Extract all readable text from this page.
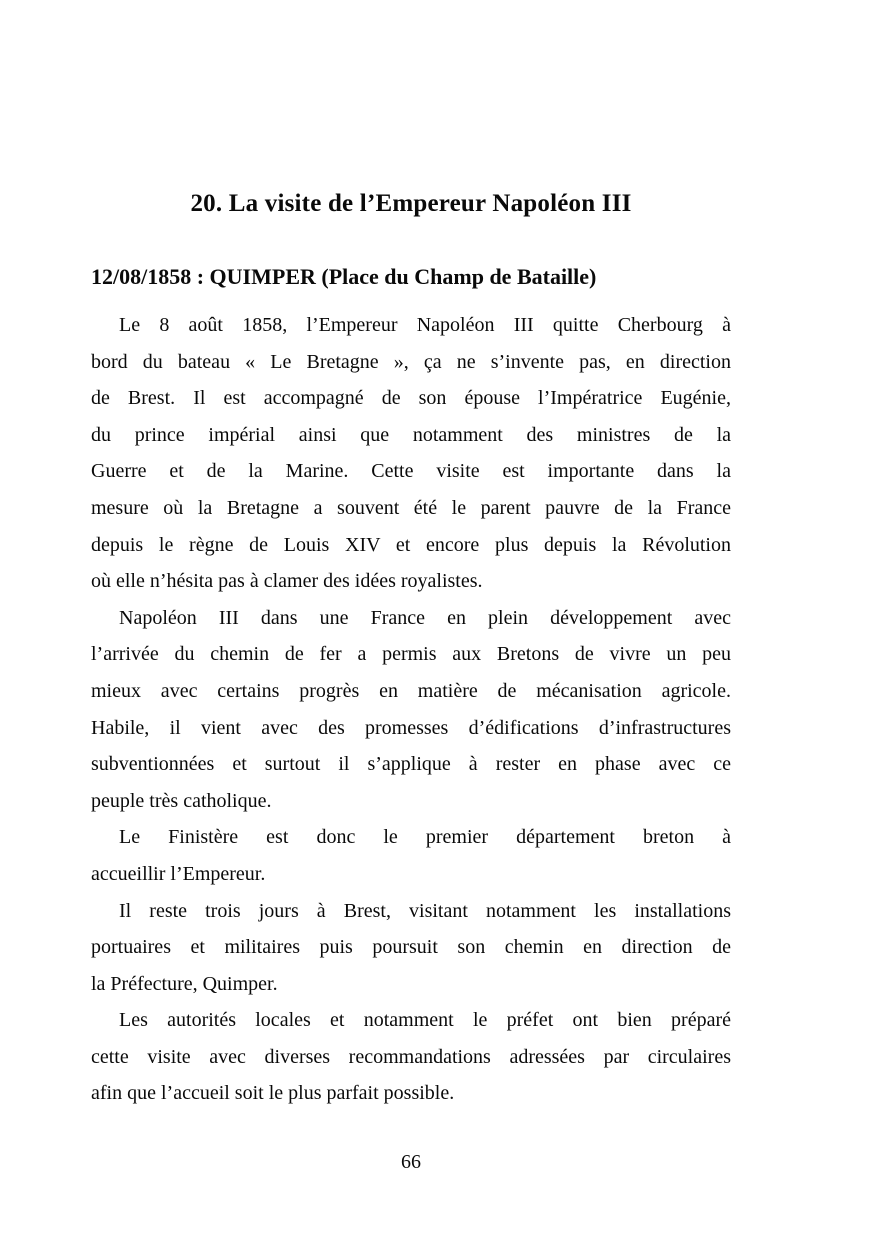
20. La visite de l’Empereur Napoléon III
12/08/1858 : QUIMPER (Place du Champ de Bataille)
Le 8 août 1858, l’Empereur Napoléon III quitte Cherbourg à
bord du bateau « Le Bretagne », ça ne s’invente pas, en direction
de Brest. Il est accompagné de son épouse l’Impératrice Eugénie,
du prince impérial ainsi que notamment des ministres de la
Guerre et de la Marine. Cette visite est importante dans la
mesure où la Bretagne a souvent été le parent pauvre de la France
depuis le règne de Louis XIV et encore plus depuis la Révolution
où elle n’hésita pas à clamer des idées royalistes.
Napoléon III dans une France en plein développement avec
l’arrivée du chemin de fer a permis aux Bretons de vivre un peu
mieux avec certains progrès en matière de mécanisation agricole.
Habile, il vient avec des promesses d’édifications d’infrastructures
subventionnées et surtout il s’applique à rester en phase avec ce
peuple très catholique.
Le Finistère est donc le premier département breton à
accueillir l’Empereur.
Il reste trois jours à Brest, visitant notamment les installations
portuaires et militaires puis poursuit son chemin en direction de
la Préfecture, Quimper.
Les autorités locales et notamment le préfet ont bien préparé
cette visite avec diverses recommandations adressées par circulaires
afin que l’accueil soit le plus parfait possible.
66
